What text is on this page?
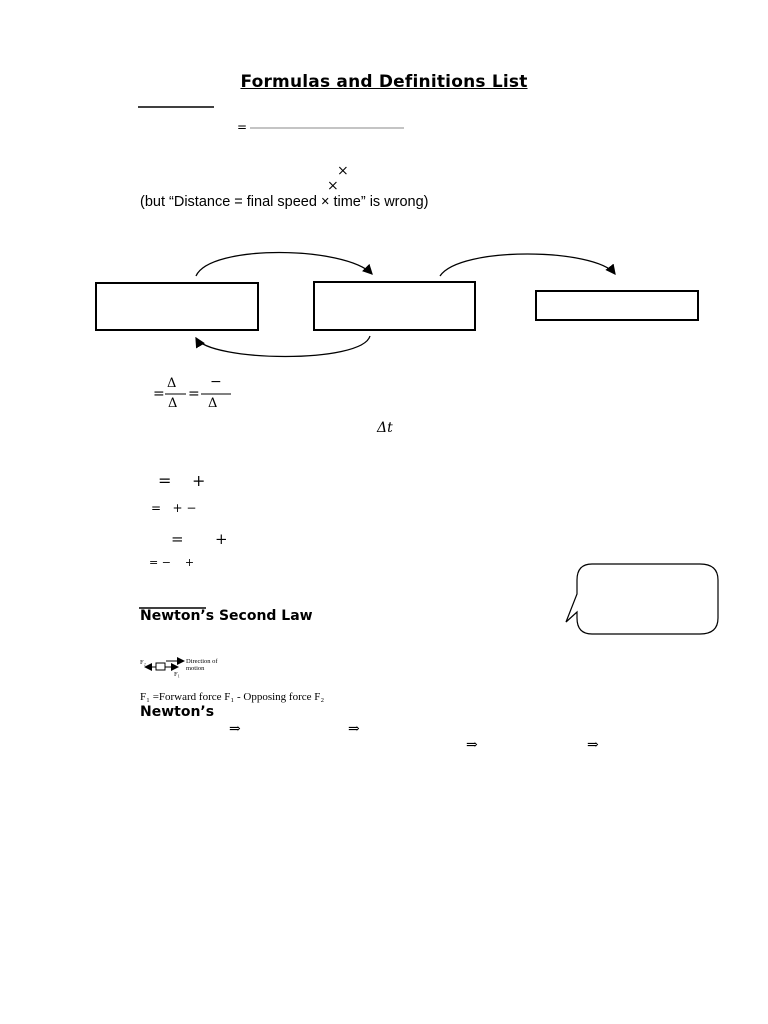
Formulas and Definitions List
=
×
×
(but “Distance = final speed × time” is wrong)
=
Δ
=
−
Δ Δ
Δt
= +
=   + −
= +
= −    +
Newton’s Second Law
F₂
F₁
Direction of motion
F₁ =Forward force F₁ - Opposing force F₂
Newton’s
⇒	⇒
⇒	⇒
